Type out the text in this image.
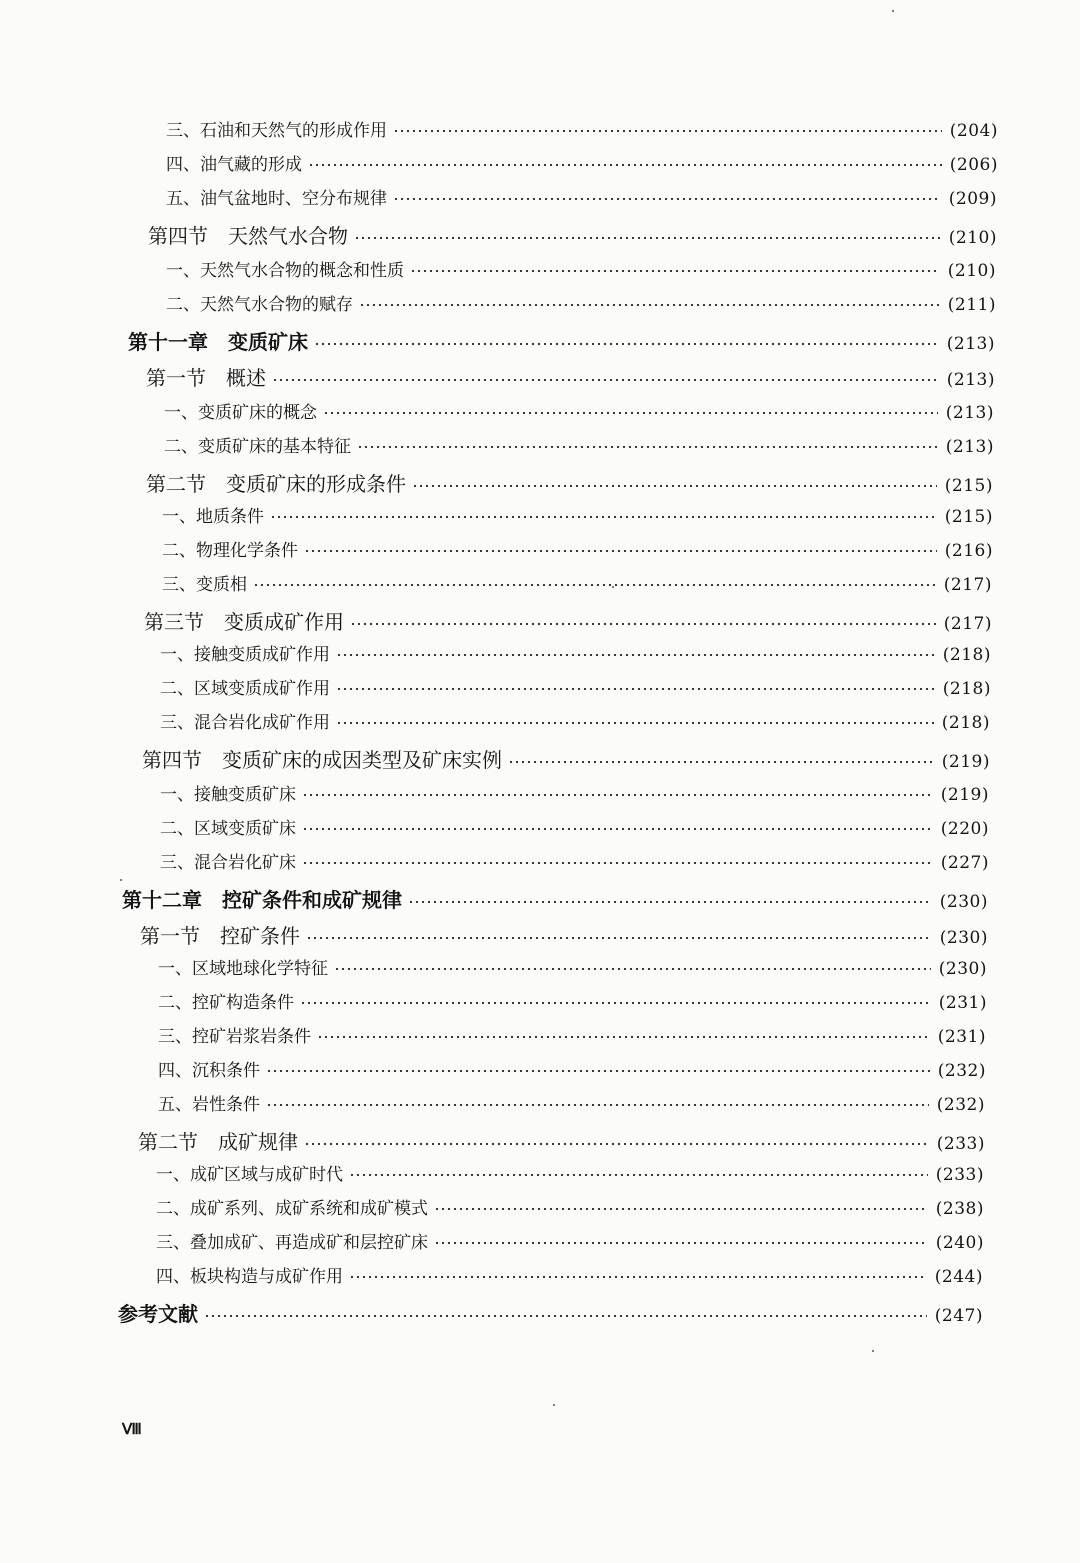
三、石油和天然气的形成作用	(204)
四、油气藏的形成	(206)
五、油气盆地时、空分布规律	(209)
第四节　天然气水合物	(210)
一、天然气水合物的概念和性质	(210)
二、天然气水合物的赋存	(211)
第十一章　变质矿床	(213)
第一节　概述	(213)
一、变质矿床的概念	(213)
二、变质矿床的基本特征	(213)
第二节　变质矿床的形成条件	(215)
一、地质条件	(215)
二、物理化学条件	(216)
三、变质相	(217)
第三节　变质成矿作用	(217)
一、接触变质成矿作用	(218)
二、区域变质成矿作用	(218)
三、混合岩化成矿作用	(218)
第四节　变质矿床的成因类型及矿床实例	(219)
一、接触变质矿床	(219)
二、区域变质矿床	(220)
三、混合岩化矿床	(227)
第十二章　控矿条件和成矿规律	(230)
第一节　控矿条件	(230)
一、区域地球化学特征	(230)
二、控矿构造条件	(231)
三、控矿岩浆岩条件	(231)
四、沉积条件	(232)
五、岩性条件	(232)
第二节　成矿规律	(233)
一、成矿区域与成矿时代	(233)
二、成矿系列、成矿系统和成矿模式	(238)
三、叠加成矿、再造成矿和层控矿床	(240)
四、板块构造与成矿作用	(244)
参考文献	(247)
Ⅷ
